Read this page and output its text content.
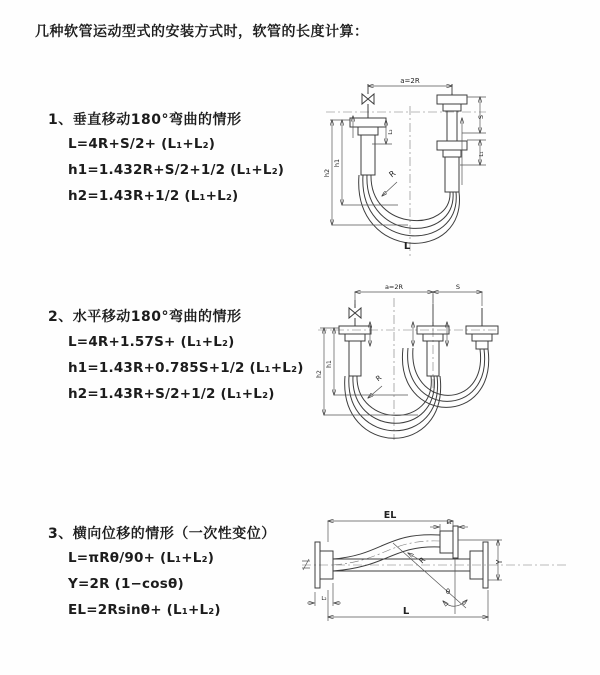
几种软管运动型式的安装方式时，软管的长度计算：
1、垂直移动180°弯曲的情形
L=4R+S/2+ (L₁+L₂)
h1=1.432R+S/2+1/2 (L₁+L₂)
h2=1.43R+1/2 (L₁+L₂)
2、水平移动180°弯曲的情形
L=4R+1.57S+ (L₁+L₂)
h1=1.43R+0.785S+1/2 (L₁+L₂)
h2=1.43R+S/2+1/2 (L₁+L₂)
3、横向位移的情形（一次性变位）
L=πRθ/90+ (L₁+L₂)
Y=2R (1−cosθ)
EL=2Rsinθ+ (L₁+L₂)
a=2R
h2
h1
L₂
S
L₁
R
L
a=2R	S
h2
h1
R
θ
R
EL
L₁
Y
L
L₂
